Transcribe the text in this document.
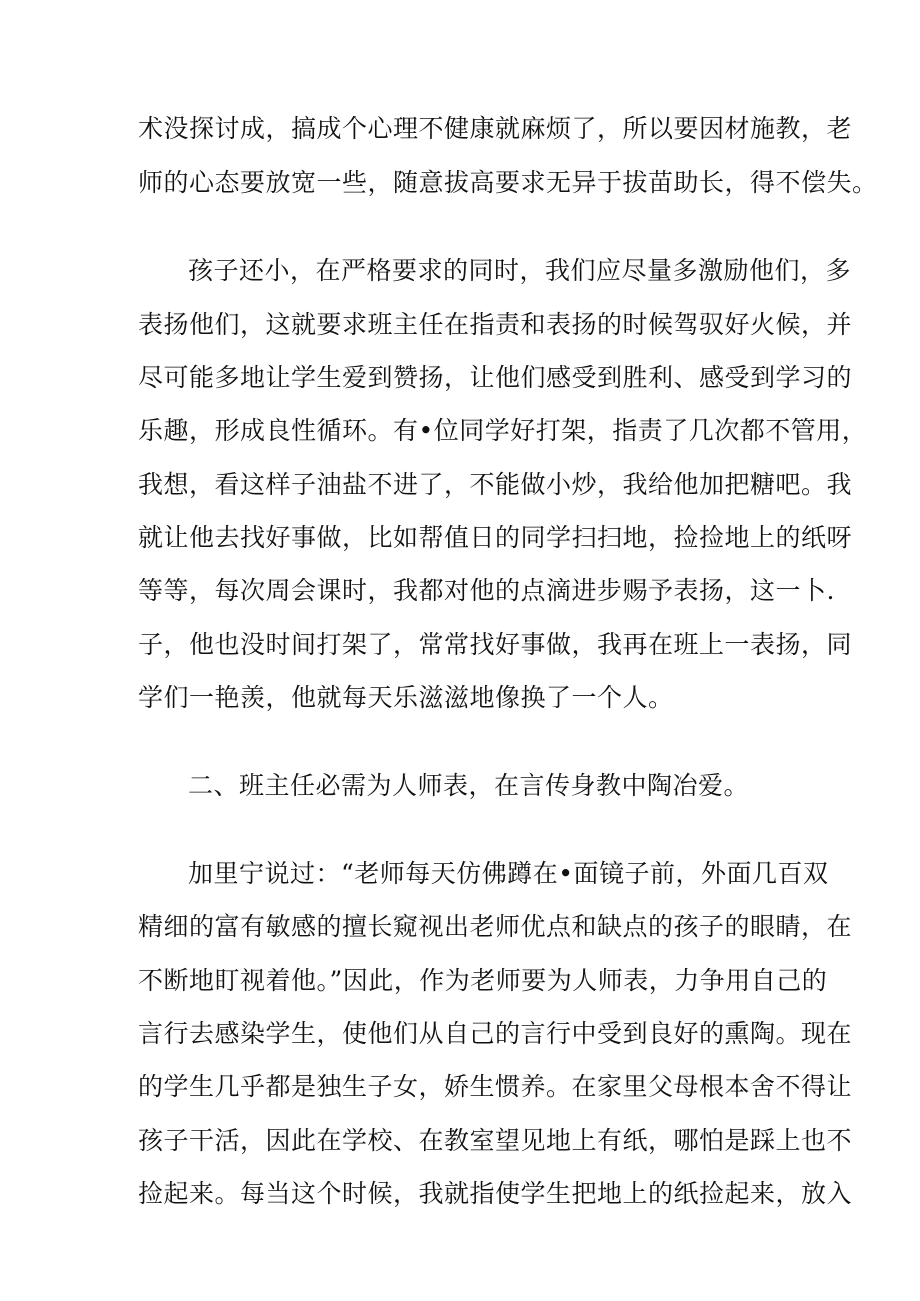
术没探讨成，搞成个心理不健康就麻烦了，所以要因材施教，老
师的心态要放宽一些，随意拔高要求无异于拔苗助长，得不偿失。
孩子还小，在严格要求的同时，我们应尽量多激励他们，多
表扬他们，这就要求班主任在指责和表扬的时候驾驭好火候，并
尽可能多地让学生爱到赞扬，让他们感受到胜利、感受到学习的
乐趣，形成良性循环。有•位同学好打架，指责了几次都不管用，
我想，看这样子油盐不进了，不能做小炒，我给他加把糖吧。我
就让他去找好事做，比如帮值日的同学扫扫地，捡捡地上的纸呀
等等，每次周会课时，我都对他的点滴进步赐予表扬，这一卜.
子，他也没时间打架了，常常找好事做，我再在班上一表扬，同
学们一艳羡，他就每天乐滋滋地像换了一个人。
二、班主任必需为人师表，在言传身教中陶冶爱。
加里宁说过：“老师每天仿佛蹲在•面镜子前，外面几百双
精细的富有敏感的擅长窥视出老师优点和缺点的孩子的眼睛，在
不断地盯视着他。”因此，作为老师要为人师表，力争用自己的
言行去感染学生，使他们从自己的言行中受到良好的熏陶。现在
的学生几乎都是独生子女，娇生惯养。在家里父母根本舍不得让
孩子干活，因此在学校、在教室望见地上有纸，哪怕是踩上也不
捡起来。每当这个时候，我就指使学生把地上的纸捡起来，放入
